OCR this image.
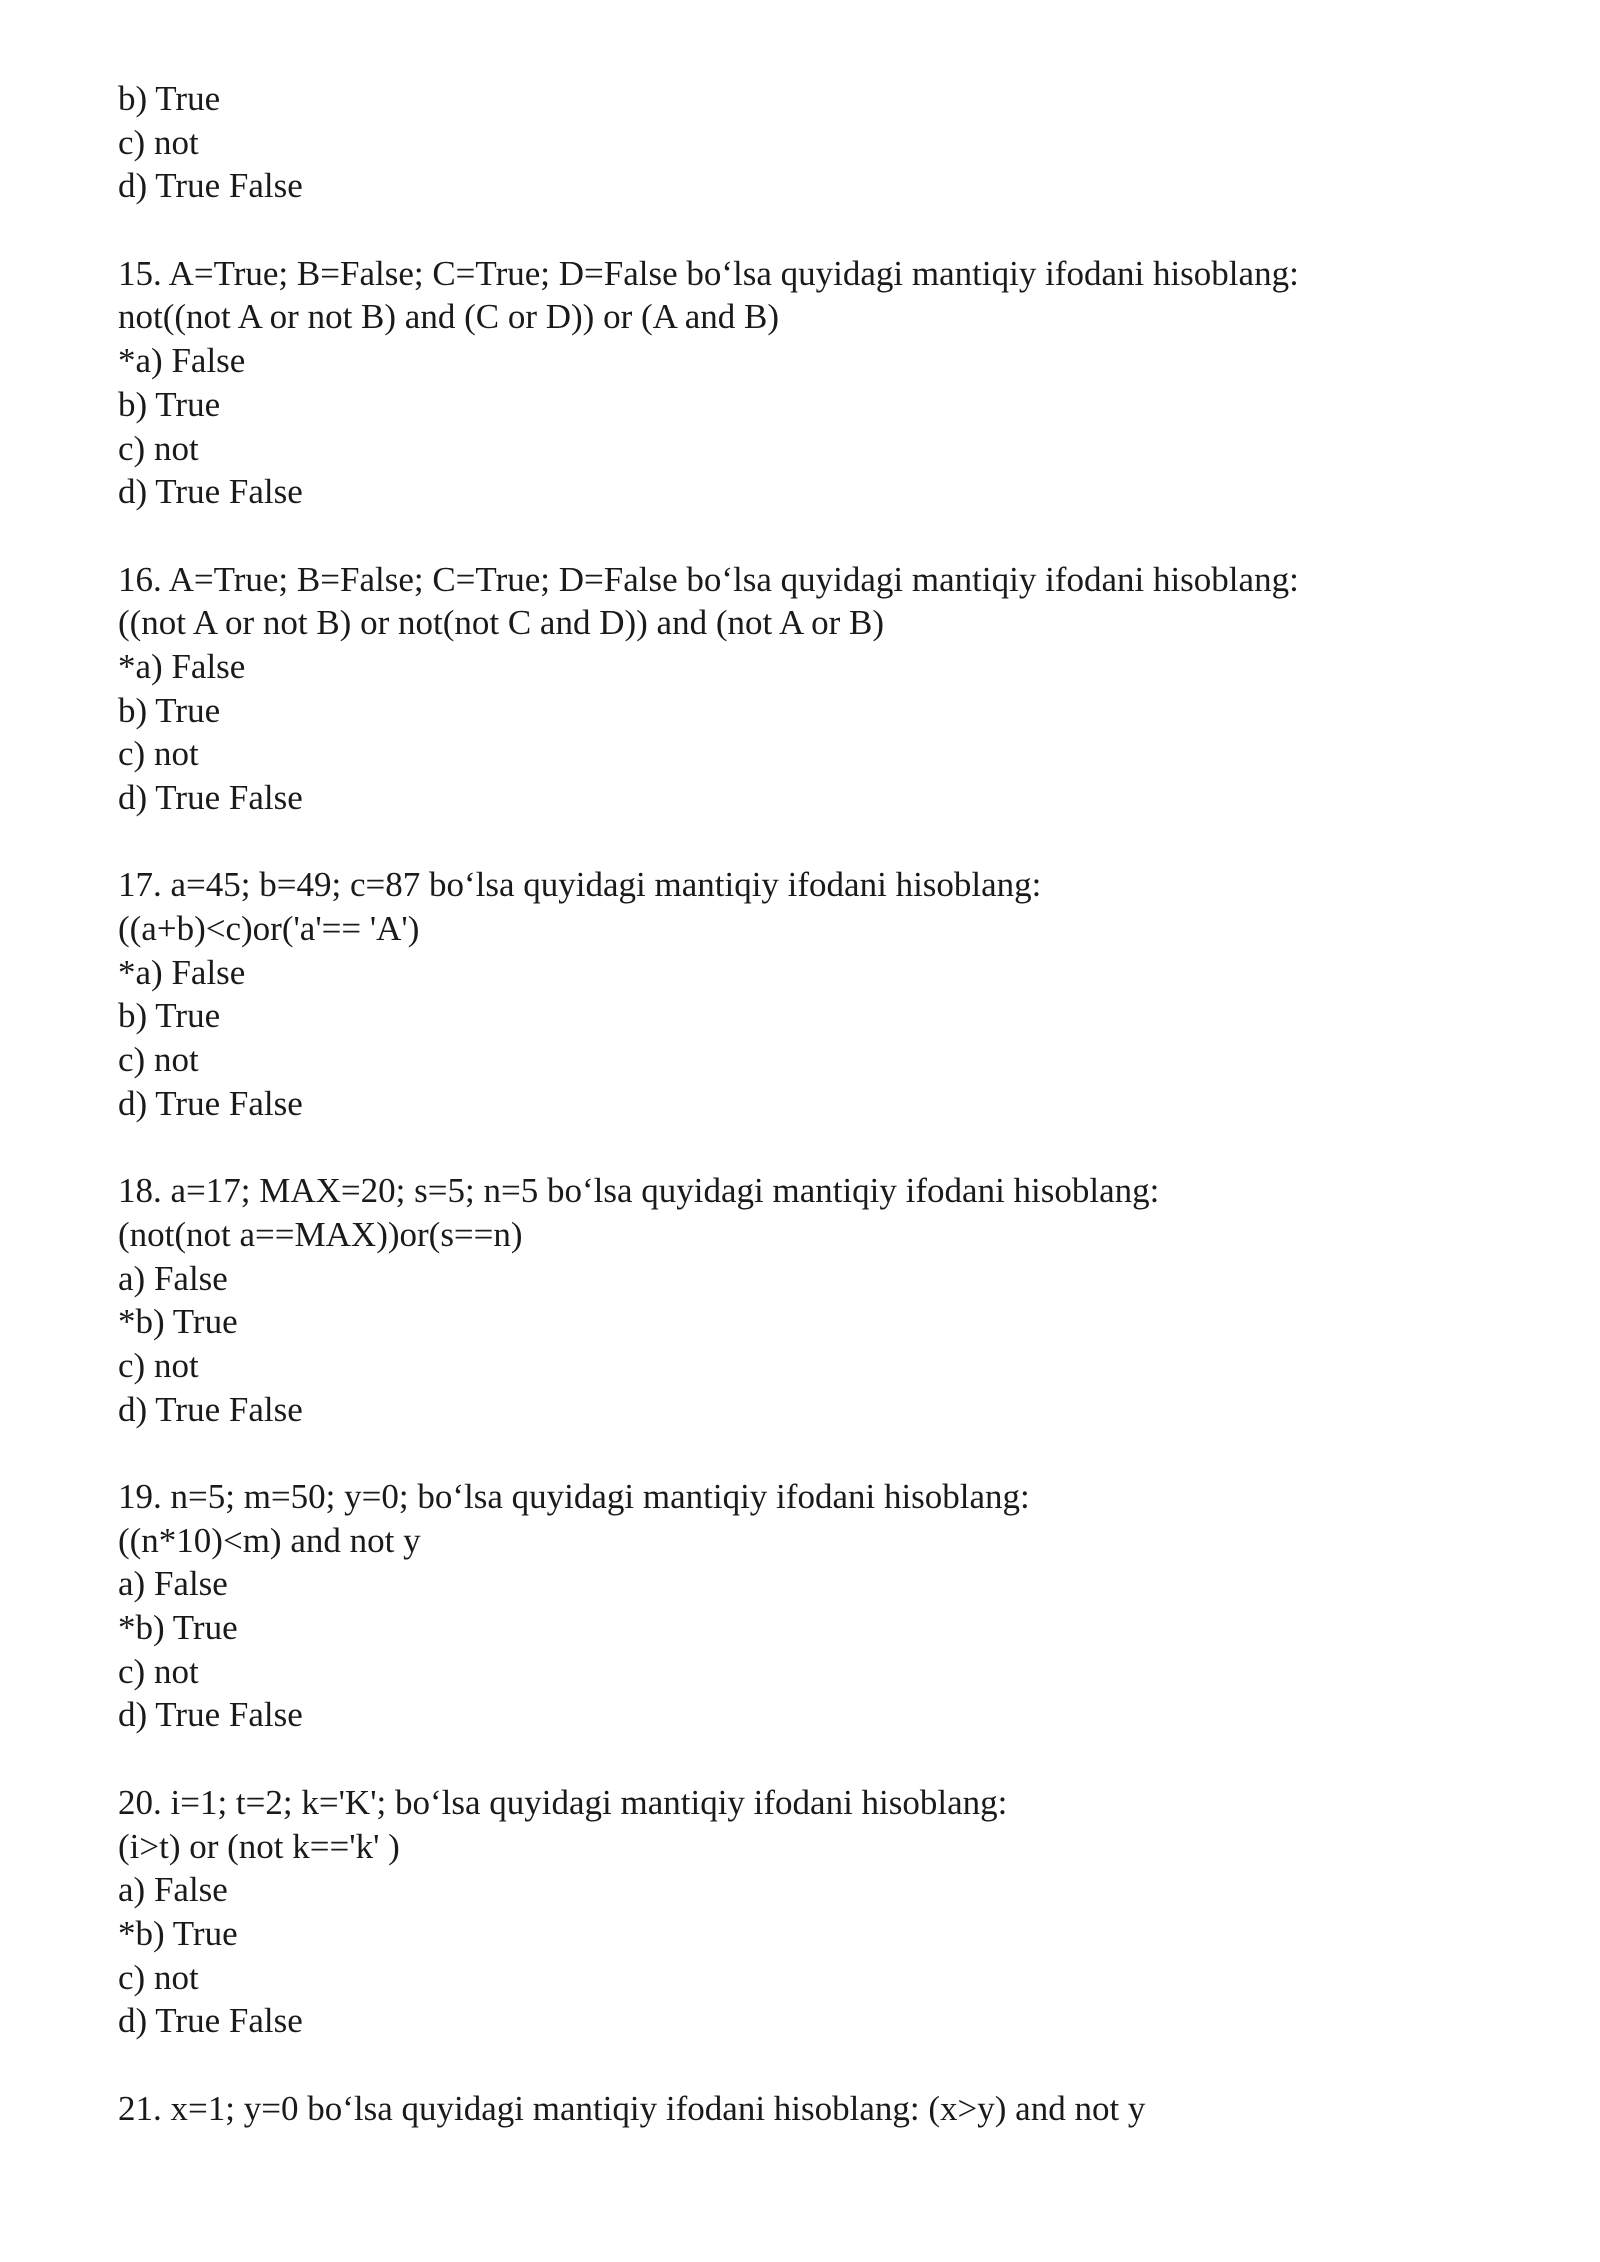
b) True
c) not
d) True False
15. A=True; B=False; C=True; D=False bo‘lsa quyidagi mantiqiy ifodani hisoblang:
not((not A or not B) and (C or D)) or (A and B)
*a) False
b) True
c) not
d) True False
16. A=True; B=False; C=True; D=False bo‘lsa quyidagi mantiqiy ifodani hisoblang:
((not A or not B) or not(not C and D)) and (not A or B)
*a) False
b) True
c) not
d) True False
17. a=45; b=49; c=87 bo‘lsa quyidagi mantiqiy ifodani hisoblang:
((a+b)<c)or('a'== 'A')
*a) False
b) True
c) not
d) True False
18. a=17; MAX=20; s=5; n=5 bo‘lsa quyidagi mantiqiy ifodani hisoblang:
(not(not a==MAX))or(s==n)
a) False
*b) True
c) not
d) True False
19. n=5; m=50; y=0; bo‘lsa quyidagi mantiqiy ifodani hisoblang:
((n*10)<m) and not y
a) False
*b) True
c) not
d) True False
20. i=1; t=2; k='K'; bo‘lsa quyidagi mantiqiy ifodani hisoblang:
(i>t) or (not k=='k' )
a) False
*b) True
c) not
d) True False
21. x=1; y=0 bo‘lsa quyidagi mantiqiy ifodani hisoblang: (x>y) and not y
